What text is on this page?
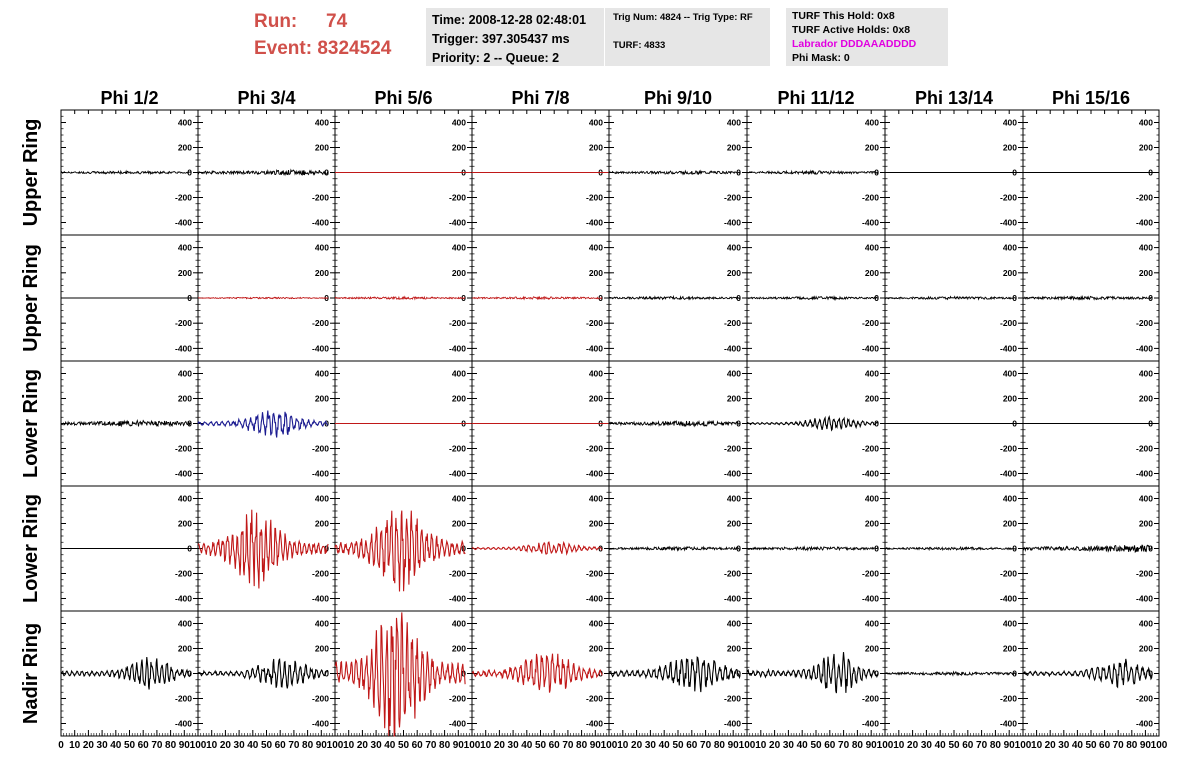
Run: 74
Event: 8324524
Time: 2008-12-28 02:48:01
Trigger: 397.305437 ms
Priority: 2 -- Queue: 2
Trig Num: 4824 -- Trig Type: RF
TURF: 4833
TURF This Hold: 0x8
TURF Active Holds: 0x8
Labrador DDDAAADDDD
Phi Mask: 0
Phi 1/2	Phi 3/4	Phi 5/6	Phi 7/8	Phi 9/10	Phi 11/12	Phi 13/14	Phi 15/16
Upper Ring
Upper Ring
Lower Ring
Lower Ring
Nadir Ring
400
200
0
-200
-400
400
200
0
-200
-400
400
200
0
-200
-400
400
200
0
-200
-400
400
200
0
-200
-400
400
200
0
-200
-400
400
200
0
-200
-400
400
200
0
-200
-400
400
200
0
-200
-400
400
200
0
-200
-400
400
200
0
-200
-400
400
200
0
-200
-400
400
200
0
-200
-400
400
200
0
-200
-400
400
200
0
-200
-400
400
200
0
-200
-400
400
200
0
-200
-400
400
200
0
-200
-400
400
200
0
-200
-400
400
200
0
-200
-400
400
200
0
-200
-400
400
200
0
-200
-400
400
200
0
-200
-400
400
200
0
-200
-400
400
200
0
-200
-400
400
200
0
-200
-400
400
200
0
-200
-400
400
200
0
-200
-400
400
200
0
-200
-400
400
200
0
-200
-400
400
200
0
-200
-400
400
200
0
-200
-400
400
200
0
-200
-400
400
200
0
-200
-400
400
200
0
-200
-400
400
200
0
-200
-400
400
200
0
-200
-400
400
200
0
-200
-400
400
200
0
-200
-400
400
200
0
-200
-400
0 10 20 30 40 50 60 70 80 90 100 10 20 30 40 50 60 70 80 90 100 10 20 30 40 50 60 70 80 90 100 10 20 30 40 50 60 70 80 90 100 10 20 30 40 50 60 70 80 90 100 10 20 30 40 50 60 70 80 90 100 10 20 30 40 50 60 70 80 90 100 10 20 30 40 50 60 70 80 90 100
